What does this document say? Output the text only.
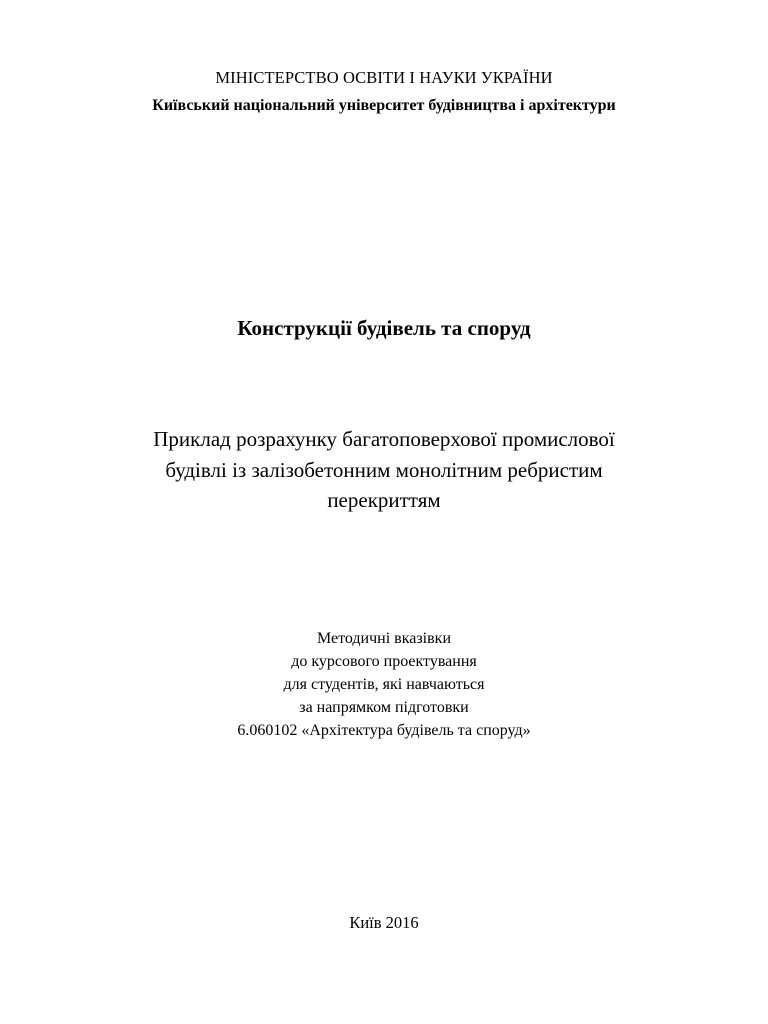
МІНІСТЕРСТВО ОСВІТИ І НАУКИ УКРАЇНИ
Київський національний університет будівництва і архітектури
Конструкції будівель та споруд
Приклад розрахунку багатоповерхової промислової
будівлі із залізобетонним монолітним ребристим
перекриттям
Методичні вказівки
до курсового проектування
для студентів, які навчаються
за напрямком підготовки
6.060102 «Архітектура будівель та споруд»
Київ 2016
